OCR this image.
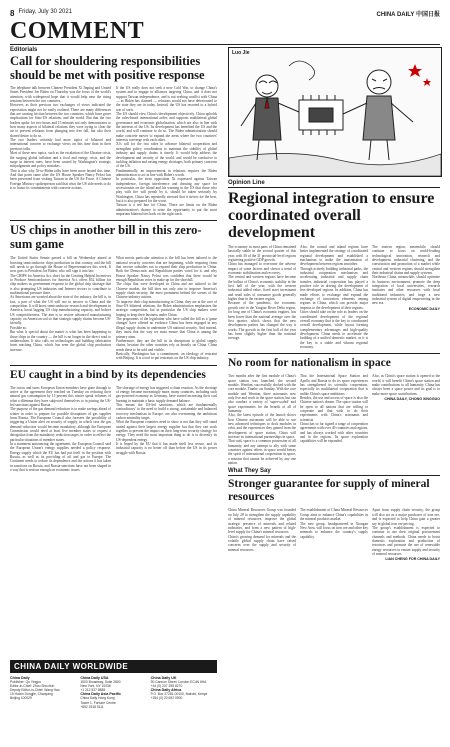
8 Friday, July 30 2021	CHINA DAILY 中国日报
COMMENT
Editorials
Call for shouldering responsibilities should be met with positive response

The telephone talk between Chinese President Xi Jinping and United States President Joe Biden on Thursday was the focus of the world's attention, with widespread hope that it would help ease the rising tensions between the two countries.

However, as their previous two exchanges of views indicated the expectation might not be easily realized. There are many differences that are causing friction between the two countries, which have grave implications for Sino-US relations, and the world. But that the two leaders spoke for two hours and 15 minutes not only demonstrates to how many aspects of bilateral relations they were trying to clear the air to prevent relations from plunging into free fall, but also their shared desire to do so.

The two leaders certainly had more topics of bilateral and international concern to exchange views on this time than in their previous talks.

Most of these new topics, such as the escalation of the Ukraine crisis, the surging global inflation and a food and energy crisis, and the surge in interest rates, have been caused by Washington's strategic misjudgments and policy mistakes.

That is also why Xi-to-Biden talks have been more heated this time. And that point came after the US House Speaker Nancy Pelosi has been prevented from visiting Taiwan in the US Air Force. A Chinese Foreign Ministry spokesperson said that what the US side needs to do is to honor its commitments with concrete actions.

If the US really does not seek a new Cold War, to change China's system and to engage in alliances targeting China, and it does not support Taiwan independence, and is not seeking conflict with China — as Biden has claimed — relations would not have deteriorated to the state they are in today. Instead, the US has resorted to a hybrid war of sorts.

The US should view China's development objectively. China upholds the rules-based international order, and supports multilateral global governance and economic globalization, which are also in line with the interests of the US. Its development has benefited the US and the world, and will continue to do so. The Biden administration should make concrete moves to expand the areas where the two countries' interests converge with each other.

Xi's call for the two sides to advance bilateral cooperation and strengthen policy coordination to maintain the stability of global industry and supply chains is timely. It would help address the development and security of the world, and would be conducive to tackling inflation and easing energy shortages, both primary concerns of the US.

Fundamentally, an improvement in relations requires the Biden administration to act in line with Biden's words.

In particular, the stern opposition Xi expressed against Taiwan independence, foreign interference and drawing any space for secessionists on the island and his warning to the US that those who play with fire will perish by it, should be taken seriously by Washington. China has repeatedly stressed that it strives for the best, but it is also prepared for the worst.

Taiwan is a red line for China. There are limits on the Biden administration's chance to seize the opportunity to put the most important bilateral ties back on the right track.

US chips in another bill in this zero-sum game

The United States Senate passed a bill on Wednesday aimed at boosting semiconductor chips production in that country, and the bill still needs to go through the House of Representatives this week. It now goes to President Joe Biden, who will sign it into law.

The CHIPS for America Act, short for the Creating Helpful Incentives to Produce Semiconductors for America Act, offers $52 billion for chip makers as government response to the global chip shortage that is also prompting US industries and Internet sectors to contribute to multinational pressure there.

As Americans are worried about the state of the industry, the bill is, in fact, a part of what the US will use to answer to China and the competition. It will boost semiconductor research and development in America, boost lagging US chip manufacturing capacity, and bolster US competitiveness. The aim is to restore advanced manufacturing capacity on American soil so that strategic supply chains become US-friendly.

Possible so.

But what is special about the matter is what has been happening to those chips in the country — the bill is no longer in the direct road to unilateralism. It also calls on technologies and building fabrication from reaching China, which has seen the global chip production increase.

What merits particular attention is the bill has been tailored to the national security concerns that are beginning, while requiring firms that receive subsidies not to expand their chip production in China. Both the Democratic and Republican parties voted for it, and why House Speaker Nancy Pelosi was confident that there would be enough Republican votes to make up for the shortfall.

The chips that were developed in China and are tailored to the Chinese market, the bill does not only aim to improve America's supply chain security, the most prominent behind the scenes of the Chinese industry actions.

To improve their chip manufacturing in China, they are at the core of Sino-US bilateral relations, the Biden administration emphasizes the strategic competition, but in particular the US chip makers were hoping to keep their business under China.

The proponents of the legislation who have called the bill as a 'game changer' have offered no evidence China has been engaged in any illegal supply chains to undermine US national security. And instead, they insist that the way we must ensure that China is among the primary aims.

Furthermore, they are the bill in its disruptions to global supply chains, because the other countries rely as heavily on China. China sends these to be sold and visible.

Basically, Washington has a commitment, an ideology of restraint with Beijing. It is a tool to put restraints on the US chip industry.

EU caught in a bind by its dependencies

The twists and turns European Union members have gone through to arrive at the agreement they reached on Tuesday on reducing their natural gas consumption by 15 percent this winter speak volumes of what a dilemma they have subjected themselves to in joining the US-led sanctions against Russia.

The purpose of the gas demand reduction is to make savings ahead of winter in order to prepare for possible disruptions of gas supplies from Russia. The European Council also foresees the possibility of triggering a Union alert on security of supply, in which case the gas demand reduction would become mandatory, although the European Commission would need at least five member states to request a derogation from the mandatory reduction target, in order to reflect the particular situations of member states.

In a statement announcing the agreement, the European Council said the European Union's energy supplies needed a policy response. Energy supply which the EU has had put itself in the position with Russia, as well as its providing of oil and gas to Europe. The Continent needs to reduce its dependence and the actions it has taken in sanctions on Russia, and Russia-sanctions have not been shaped in a way that is serious enough on economic issues.

The shortage of energy has triggered a chain reaction. As the shortage of energy became increasingly more, many countries, including such gas-powered economy as Germany, have started increasing their coal burning to maintain a basic supply demand balance.

This means the US-led sanctions, which are fundamentally contradictory' to the need to build a strong, sustainable and balanced recovery mechanism in Europe, are also overturning the ambitious carbon neutrality target.

What the European countries need to show is not that they will stand united against their largest energy supplier but that they can work together to prevent the impact on their long-term security strategy for energy. They need the most important thing to do is to diversify its US-dependent energy.

It is hoped by the EU that it has made itself less secure, and its industrial capacity is no better off than before the US in its power struggle with Russia.

CHINA DAILY WORLDWIDE
China Daily
Publisher: Qu Yingpu
Editor-in-Chief: Zhou Shuchun
Deputy Editor-in-Chief: Wang Hao
15 Huixin Dongjie, Chaoyang
Beijing 100029
China Daily USA
1500 Broadway, Suite 2800
New York, NY 10036
+1 212 537 8888
China Daily Asia Pacific
China Daily Hong Kong
Tower 1, Fortune Centre
+852 2518 5111
China Daily UK
90 Cannon Street, London EC4N 6HA
+44 (0) 207 398 8270
China Daily Africa
P.O. Box 27281-00100, Nairobi, Kenya
+254 (0) 20 692 0900
Luo Jie
Opinion Line
Regional integration to ensure coordinated overall development

The economy in most parts of China remained basically stable in the second quarter of this year, with 30 of the 31 provincial-level regions registering positive GDP growth.

China has managed to overcome the adverse impact of some factors and shown a trend of economic stabilization and recovery.

The central and western regions have become the ballast of China's economic stability in the first half of the year, with the western industrial added value, fixed asset investment and retail sales of consumer goods generally higher than in the eastern region.

Because of the pandemic, the economic growth rate in the Yangtze River Delta region, for long one of China's economic engines, has been lower than the national average over the first quarter, which shows that the new development pattern has changed the way it works. The growth in the first half of the year has been slightly higher than the national average.

Also, the coastal and inland regions have better implemented the strategy of coordinated regional development and established a mechanism to make the transmission of development between regions smoother.

Through actively building industrial parks, the industrial cooperation mechanism and accelerating industrial and supply chain transfer, industrial cooperation has played a positive role in driving the development of less-developed regions. In addition, China has made efforts to exchange and expand the exchange of innovation elements among regions in China, which can provide major impetus to the development of their regions.

Cities should take on the role as leaders on the coordinated development of the regional overall economy that is the key to coordinated overall development, while layout forming complementary advantages and high-quality development. China needs to accelerate the building of a unified domestic market, as it is the key to a stable and vibrant regional economy.

The eastern region, meanwhile, should continue to focus on world-leading technological innovation, research and development, industrial clustering, and the construction and promotion of a market while central and western regions should strengthen their industrial chains and supply systems.

Northeast China, meanwhile, should optimize its business environment, promote the deep integration of local universities, research institutes and other resources with local traditional industries, and forge a new industrial system of digital empowering in the new era.

ECONOMIC DAILY
No room for nationalism in space

Two months after the first module of China's space station was launched, the second module, Wentian, successfully docked with the core module, Tianhe, on Sunday. With the core module and Wentian, three astronauts now only live and work in the space station, but can also conduct a variety of 'super-scaled' and space experiments for the benefit of all of humanity.

Also, the latest episode of the launch shows how Chinese astronauts will be able to use new advanced techniques to dock modules in orbit, and the experiences they gained from the development of space station, China will increase its international partnerships in space.

That said, space is a common possession of all humanity, and any attempt to ally with some countries against others in space would betray the spirit of international cooperation in space, a mission that cannot be achieved by any one nation.

That the International Space Station and Apollo and Russia to do its space experiences has strengthened its scientific cooperation, especially its multilateral cooperation that is unlike China's space ambitions.

Besides, the use and access of space is also the Chinese nation's dream. The space station will be open to all nations that are willing to cooperate and that wish to do their experiments with China's astronauts and scientists.

China has so far signed a range of cooperation agreements with over 40 countries and regions, and has always worked with other countries and in the regions. Its space exploration capabilities will be expanded.

Also, as China's space station is opened to the world, it will benefit China's space station and make contributions to all humanity. China has always been a space power and its goal is to make more space contributions.

CHINA DAILY, CHONG XINGGUO
What They Say
Stronger guarantee for supply of mineral resources

China Mineral Resources Group was founded on July 28 to strengthen the supply capability of mineral resources, improve the global strategic presence of minerals and related industries, and form a new pattern of high-level supply for China's mineral resources.

China's growing demand for minerals and the volatile global supply chain have raised concerns over the supply and security of mineral resources.

The establishment of China Mineral Resources Group aims to enhance China's capabilities in the mineral products market.

The new group, headquartered in Xiongan New Area, will focus on iron ore and other key minerals to enhance the country's supply capability.

Apart from supply chain security, the group will also act as a major purchaser of iron ore, and is expected to help China gain a greater say in global iron ore pricing.

The group's establishment is expected to continue to use their original procurement channels and methods. China needs to boost domestic exploration and production of resources and promote the use of renewable energy resources to ensure supply and security of mineral resources.

LIAN CHENG FOR CHINA DAILY
